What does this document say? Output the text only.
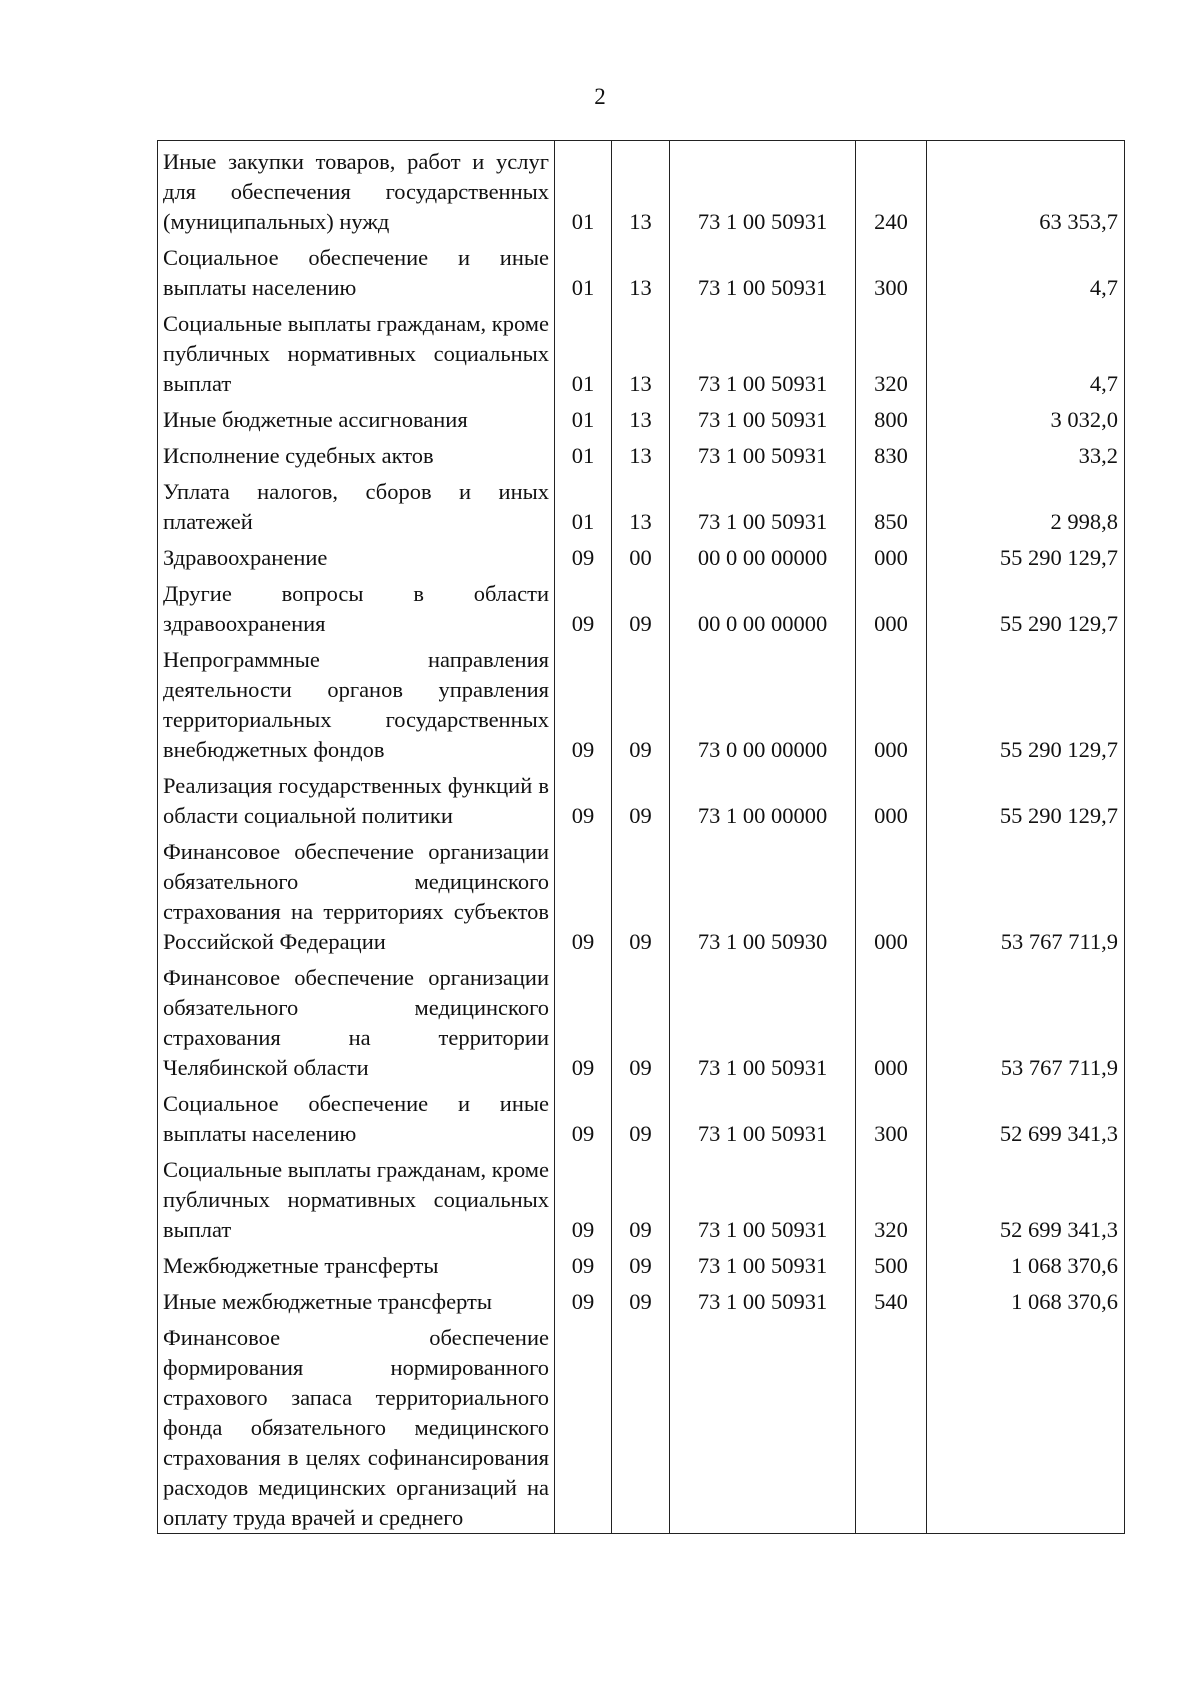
2
Иные закупки товаров, работ и услуг для обеспечения государственных (муниципальных) нужд	01	13	73 1 00 50931	240	63 353,7
Социальное обеспечение и иные выплаты населению	01	13	73 1 00 50931	300	4,7
Социальные выплаты гражданам, кроме публичных нормативных социальных выплат	01	13	73 1 00 50931	320	4,7
Иные бюджетные ассигнования	01	13	73 1 00 50931	800	3 032,0
Исполнение судебных актов	01	13	73 1 00 50931	830	33,2
Уплата налогов, сборов и иных платежей	01	13	73 1 00 50931	850	2 998,8
Здравоохранение	09	00	00 0 00 00000	000	55 290 129,7
Другие вопросы в области здравоохранения	09	09	00 0 00 00000	000	55 290 129,7
Непрограммные направления деятельности органов управления территориальных государственных внебюджетных фондов	09	09	73 0 00 00000	000	55 290 129,7
Реализация государственных функций в области социальной политики	09	09	73 1 00 00000	000	55 290 129,7
Финансовое обеспечение организации обязательного медицинского страхования на территориях субъектов Российской Федерации	09	09	73 1 00 50930	000	53 767 711,9
Финансовое обеспечение организации обязательного медицинского страхования на территории Челябинской области	09	09	73 1 00 50931	000	53 767 711,9
Социальное обеспечение и иные выплаты населению	09	09	73 1 00 50931	300	52 699 341,3
Социальные выплаты гражданам, кроме публичных нормативных социальных выплат	09	09	73 1 00 50931	320	52 699 341,3
Межбюджетные трансферты	09	09	73 1 00 50931	500	1 068 370,6
Иные межбюджетные трансферты	09	09	73 1 00 50931	540	1 068 370,6
Финансовое обеспечение формирования нормированного страхового запаса территориального фонда обязательного медицинского страхования в целях софинансирования расходов медицинских организаций на оплату труда врачей и среднего					
